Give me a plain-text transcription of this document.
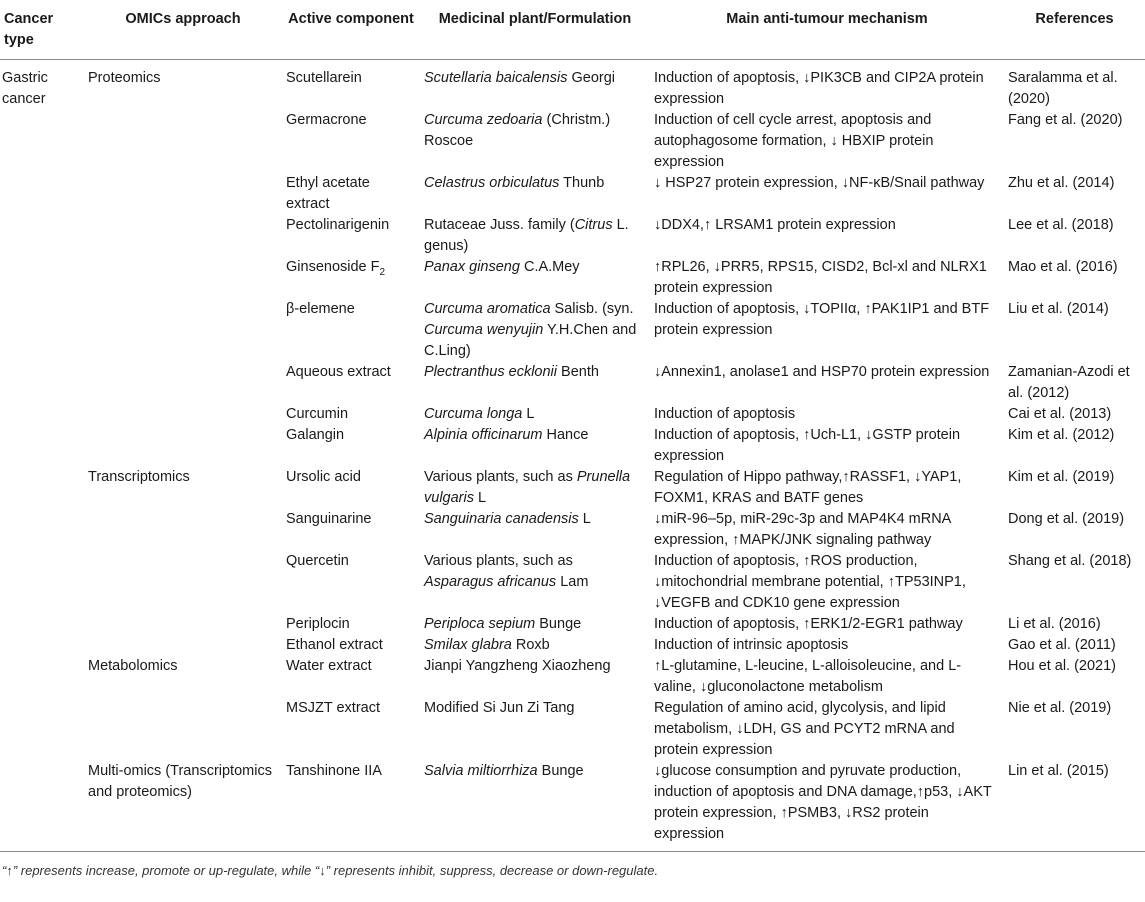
Cancer type	OMICs approach	Active component	Medicinal plant/Formulation	Main anti-tumour mechanism	References
Gastric cancer	Proteomics	Scutellarein	Scutellaria baicalensis Georgi	Induction of apoptosis, ↓PIK3CB and CIP2A protein expression	Saralamma et al. (2020)
		Germacrone	Curcuma zedoaria (Christm.) Roscoe	Induction of cell cycle arrest, apoptosis and autophagosome formation, ↓ HBXIP protein expression	Fang et al. (2020)
		Ethyl acetate extract	Celastrus orbiculatus Thunb	↓ HSP27 protein expression, ↓NF-κB/Snail pathway	Zhu et al. (2014)
		Pectolinarigenin	Rutaceae Juss. family (Citrus L. genus)	↓DDX4,↑ LRSAM1 protein expression	Lee et al. (2018)
		Ginsenoside $F_2$	Panax ginseng C.A.Mey	↑RPL26, ↓PRR5, RPS15, CISD2, Bcl-xl and NLRX1 protein expression	Mao et al. (2016)
		β-elemene	Curcuma aromatica Salisb. (syn. Curcuma wenyujin Y.H.Chen and C.Ling)	Induction of apoptosis, ↓TOPIIα, ↑PAK1IP1 and BTF protein expression	Liu et al. (2014)
		Aqueous extract	Plectranthus ecklonii Benth	↓Annexin1, anolase1 and HSP70 protein expression	Zamanian-Azodi et al. (2012)
		Curcumin	Curcuma longa L	Induction of apoptosis	Cai et al. (2013)
		Galangin	Alpinia officinarum Hance	Induction of apoptosis, ↑Uch-L1, ↓GSTP protein expression	Kim et al. (2012)
	Transcriptomics	Ursolic acid	Various plants, such as Prunella vulgaris L	Regulation of Hippo pathway,↑RASSF1, ↓YAP1, FOXM1, KRAS and BATF genes	Kim et al. (2019)
		Sanguinarine	Sanguinaria canadensis L	↓miR-96–5p, miR-29c-3p and MAP4K4 mRNA expression, ↑MAPK/JNK signaling pathway	Dong et al. (2019)
		Quercetin	Various plants, such as Asparagus africanus Lam	Induction of apoptosis, ↑ROS production, ↓mitochondrial membrane potential, ↑TP53INP1, ↓VEGFB and CDK10 gene expression	Shang et al. (2018)
		Periplocin	Periploca sepium Bunge	Induction of apoptosis, ↑ERK1/2-EGR1 pathway	Li et al. (2016)
		Ethanol extract	Smilax glabra Roxb	Induction of intrinsic apoptosis	Gao et al. (2011)
	Metabolomics	Water extract	Jianpi Yangzheng Xiaozheng	↑L-glutamine, L-leucine, L-alloisoleucine, and L-valine, ↓gluconolactone metabolism	Hou et al. (2021)
		MSJZT extract	Modified Si Jun Zi Tang	Regulation of amino acid, glycolysis, and lipid metabolism, ↓LDH, GS and PCYT2 mRNA and protein expression	Nie et al. (2019)
	Multi-omics (Transcriptomics and proteomics)	Tanshinone IIA	Salvia miltiorrhiza Bunge	↓glucose consumption and pyruvate production, induction of apoptosis and DNA damage,↑p53, ↓AKT protein expression, ↑PSMB3, ↓RS2 protein expression	Lin et al. (2015)
“↑” represents increase, promote or up-regulate, while “↓” represents inhibit, suppress, decrease or down-regulate.
